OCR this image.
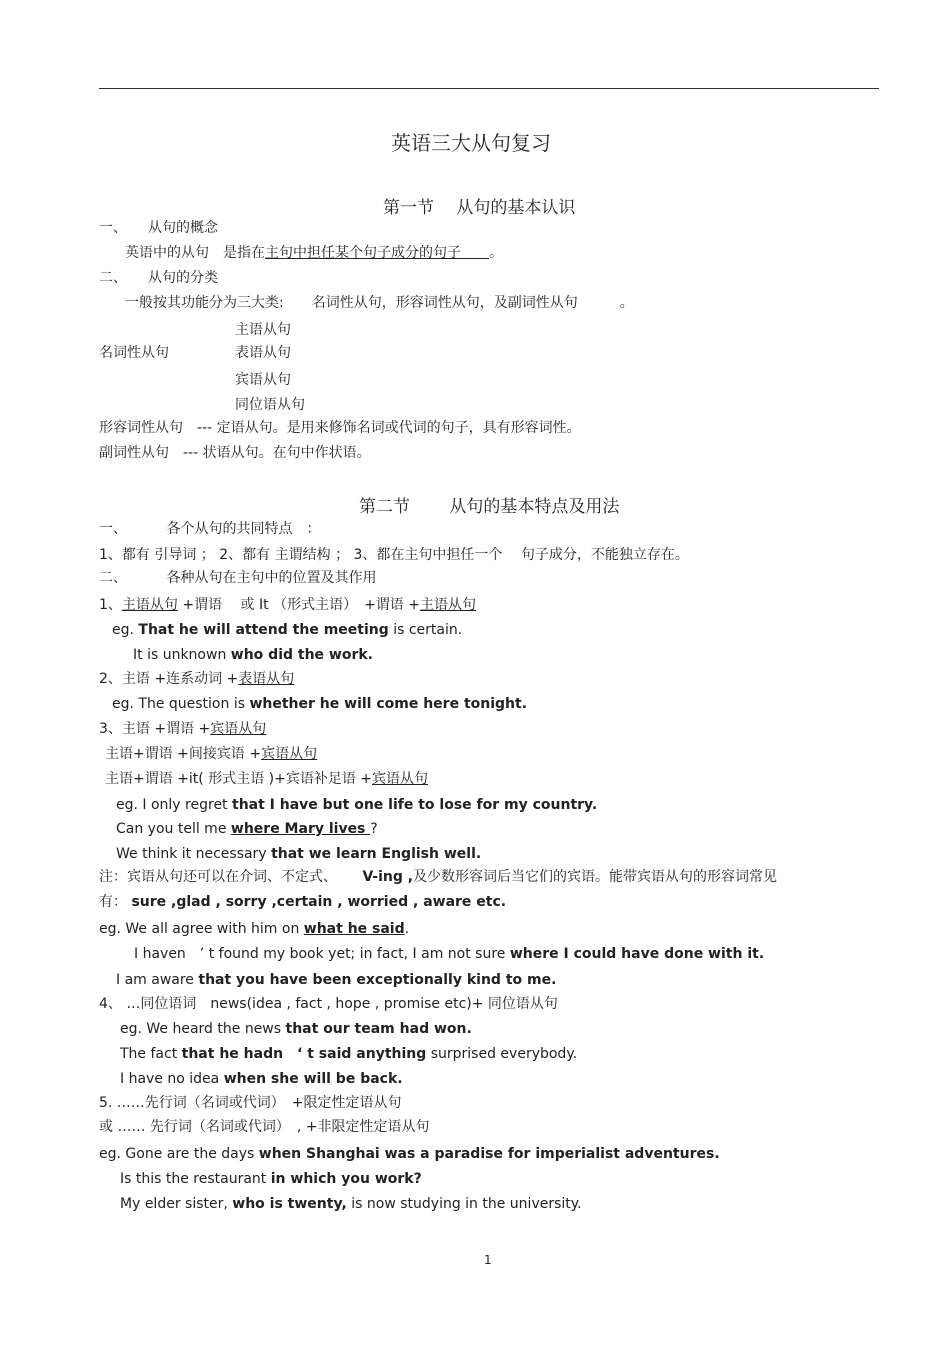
英语三大从句复习
第一节　 从句的基本认识
一、　　从句的概念
英语中的从句　是指在主句中担任某个句子成分的句子　　。
二、　　从句的分类
一般按其功能分为三大类:　　名词性从句，形容词性从句，及副词性从句　　　。
主语从句
名词性从句	表语从句
宾语从句
同位语从句
形容词性从句　--- 定语从句。是用来修饰名词或代词的句子，具有形容词性。
副词性从句　--- 状语从句。在句中作状语。
第二节　　 从句的基本特点及用法
一、　　　 各个从句的共同特点　：
1、都有 引导词 ； 2、都有 主谓结构 ； 3、都在主句中担任一个　 句子成分，不能独立存在。
二、　　　 各种从句在主句中的位置及其作用
1、主语从句 +谓语　 或 It （形式主语）　+谓语 +主语从句
eg. That he will attend the meeting is certain.
It is unknown who did the work.
2、主语 +连系动词 +表语从句
eg. The question is whether he will come here tonight.
3、主语 +谓语 +宾语从句
主语+谓语 +间接宾语 +宾语从句
主语+谓语 +it( 形式主语 )+宾语补足语 +宾语从句
eg. I only regret that I have but one life to lose for my country.
Can you tell me where Mary lives ?
We think it necessary that we learn English well.
注：宾语从句还可以在介词、不定式、　　 V-ing ,及少数形容词后当它们的宾语。能带宾语从句的形容词常见
有： sure ,glad , sorry ,certain , worried , aware etc.
eg. We all agree with him on what he said.
I haven　’ t found my book yet; in fact, I am not sure where I could have done with it.
I am aware that you have been exceptionally kind to me.
4、 …同位语词　news(idea , fact , hope , promise etc)+ 同位语从句
eg. We heard the news that our team had won.
The fact that he hadn　‘ t said anything surprised everybody.
I have no idea when she will be back.
5. ……先行词（名词或代词）　+限定性定语从句
或 …… 先行词（名词或代词）　, +非限定性定语从句
eg. Gone are the days when Shanghai was a paradise for imperialist adventures.
Is this the restaurant in which you work?
My elder sister, who is twenty, is now studying in the university.
1
